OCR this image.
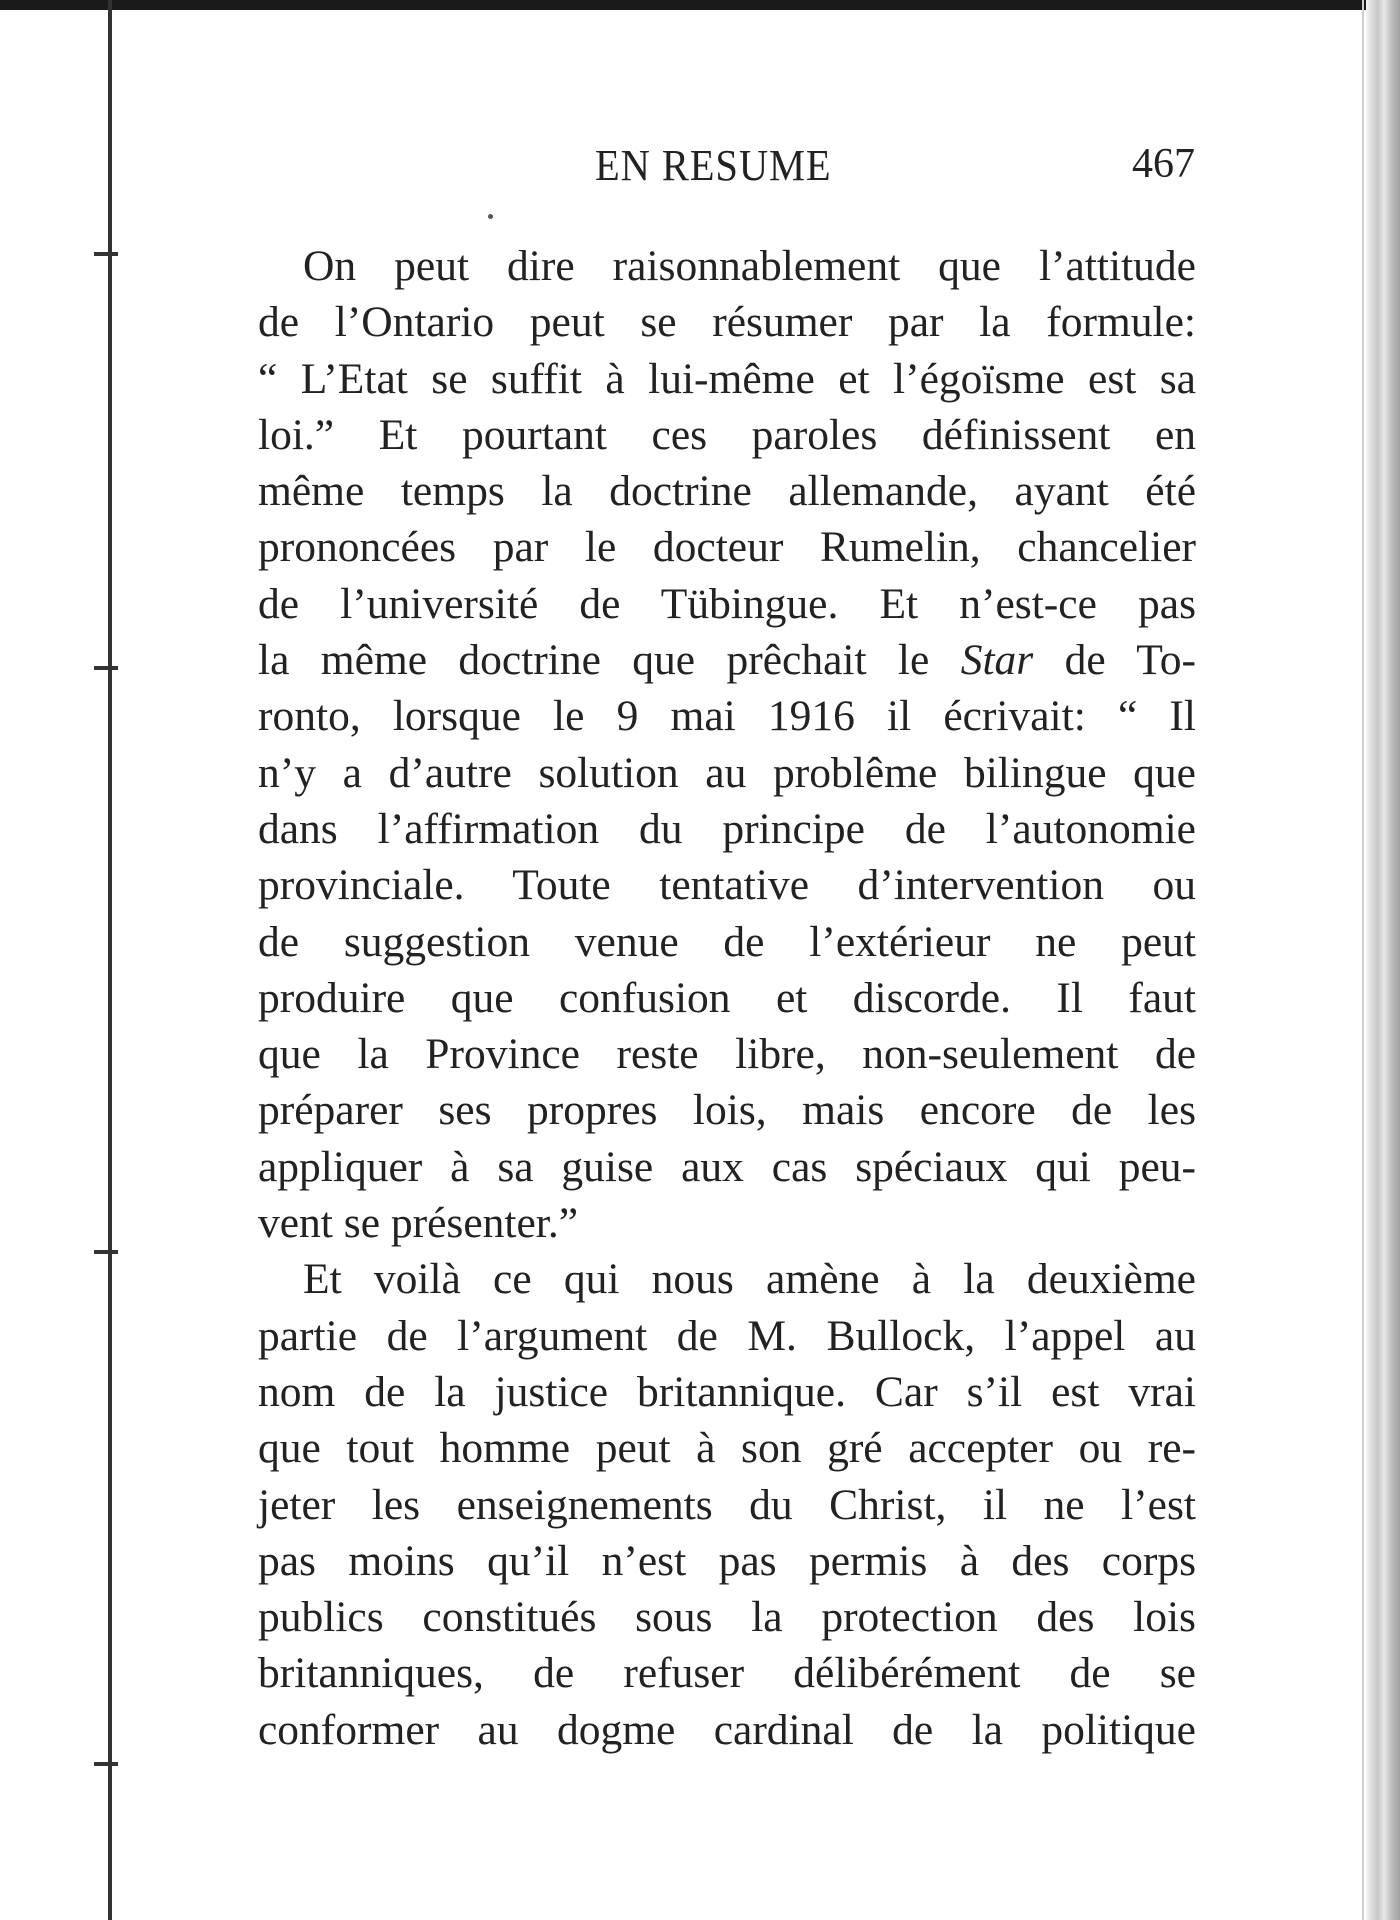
EN RESUME	467
On peut dire raisonnablement que l’attitude
de l’Ontario peut se résumer par la formule:
“ L’Etat se suffit à lui-même et l’égoïsme est sa
loi.” Et pourtant ces paroles définissent en
même temps la doctrine allemande, ayant été
prononcées par le docteur Rumelin, chancelier
de l’université de Tübingue. Et n’est-ce pas
la même doctrine que prêchait le Star de To-
ronto, lorsque le 9 mai 1916 il écrivait: “ Il
n’y a d’autre solution au problême bilingue que
dans l’affirmation du principe de l’autonomie
provinciale. Toute tentative d’intervention ou
de suggestion venue de l’extérieur ne peut
produire que confusion et discorde. Il faut
que la Province reste libre, non-seulement de
préparer ses propres lois, mais encore de les
appliquer à sa guise aux cas spéciaux qui peu-
vent se présenter.”
Et voilà ce qui nous amène à la deuxième
partie de l’argument de M. Bullock, l’appel au
nom de la justice britannique. Car s’il est vrai
que tout homme peut à son gré accepter ou re-
jeter les enseignements du Christ, il ne l’est
pas moins qu’il n’est pas permis à des corps
publics constitués sous la protection des lois
britanniques, de refuser délibérément de se
conformer au dogme cardinal de la politique
